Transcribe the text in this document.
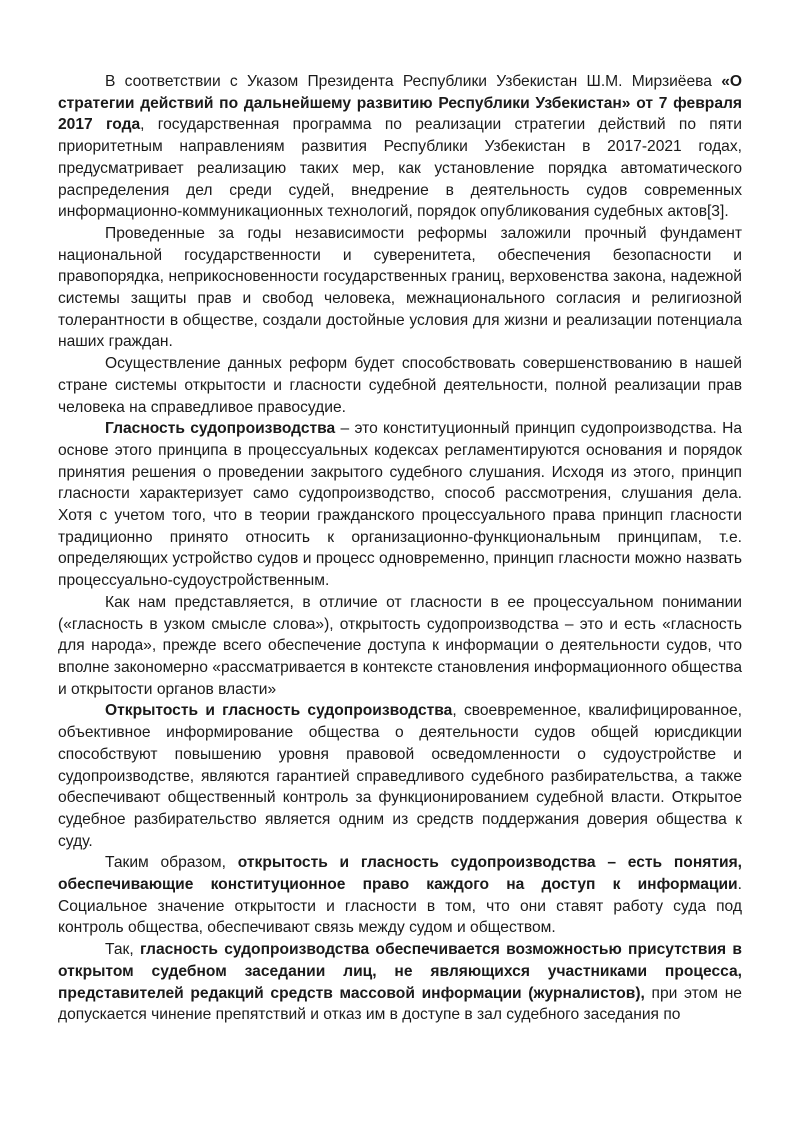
В соответствии с Указом Президента Республики Узбекистан Ш.М. Мирзиёева «О стратегии действий по дальнейшему развитию Республики Узбекистан» от 7 февраля 2017 года, государственная программа по реализации стратегии действий по пяти приоритетным направлениям развития Республики Узбекистан в 2017-2021 годах, предусматривает реализацию таких мер, как установление порядка автоматического распределения дел среди судей, внедрение в деятельность судов современных информационно-коммуникационных технологий, порядок опубликования судебных актов[3].

Проведенные за годы независимости реформы заложили прочный фундамент национальной государственности и суверенитета, обеспечения безопасности и правопорядка, неприкосновенности государственных границ, верховенства закона, надежной системы защиты прав и свобод человека, межнационального согласия и религиозной толерантности в обществе, создали достойные условия для жизни и реализации потенциала наших граждан.

Осуществление данных реформ будет способствовать совершенствованию в нашей стране системы открытости и гласности судебной деятельности, полной реализации прав человека на справедливое правосудие.

Гласность судопроизводства – это конституционный принцип судопроизводства. На основе этого принципа в процессуальных кодексах регламентируются основания и порядок принятия решения о проведении закрытого судебного слушания. Исходя из этого, принцип гласности характеризует само судопроизводство, способ рассмотрения, слушания дела. Хотя с учетом того, что в теории гражданского процессуального права принцип гласности традиционно принято относить к организационно-функциональным принципам, т.е. определяющих устройство судов и процесс одновременно, принцип гласности можно назвать процессуально-судоустройственным.

Как нам представляется, в отличие от гласности в ее процессуальном понимании («гласность в узком смысле слова»), открытость судопроизводства – это и есть «гласность для народа», прежде всего обеспечение доступа к информации о деятельности судов, что вполне закономерно «рассматривается в контексте становления информационного общества и открытости органов власти»

Открытость и гласность судопроизводства, своевременное, квалифицированное, объективное информирование общества о деятельности судов общей юрисдикции способствуют повышению уровня правовой осведомленности о судоустройстве и судопроизводстве, являются гарантией справедливого судебного разбирательства, а также обеспечивают общественный контроль за функционированием судебной власти. Открытое судебное разбирательство является одним из средств поддержания доверия общества к суду.

Таким образом, открытость и гласность судопроизводства – есть понятия, обеспечивающие конституционное право каждого на доступ к информации. Социальное значение открытости и гласности в том, что они ставят работу суда под контроль общества, обеспечивают связь между судом и обществом.

Так, гласность судопроизводства обеспечивается возможностью присутствия в открытом судебном заседании лиц, не являющихся участниками процесса, представителей редакций средств массовой информации (журналистов), при этом не допускается чинение препятствий и отказ им в доступе в зал судебного заседания по
